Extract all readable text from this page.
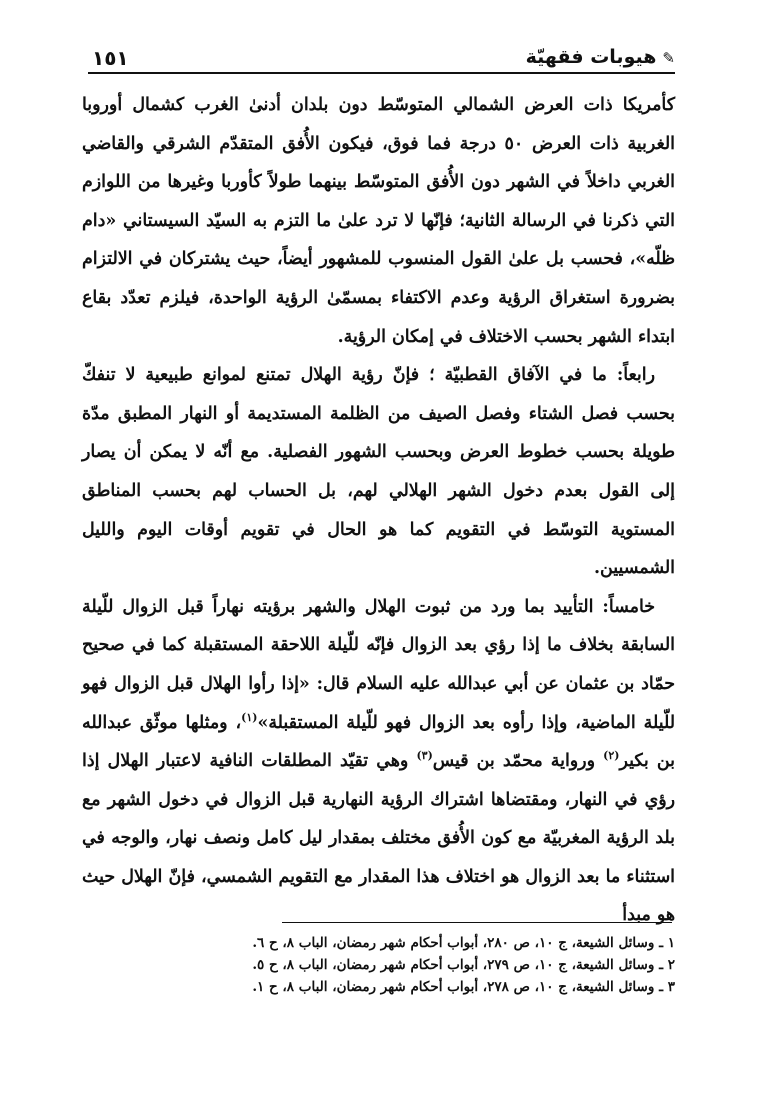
✎هيوبات فقهيّة
١٥١

كأمريكا ذات العرض الشمالي المتوسّط دون بلدان أدنىٰ الغرب كشمال أوروبا الغربية ذات العرض ٥٠ درجة فما فوق، فيكون الأُفق المتقدّم الشرقي والقاضي الغربي داخلاً في الشهر دون الأُفق المتوسّط بينهما طولاً كأوربا وغيرها من اللوازم التي ذكرنا في الرسالة الثانية؛ فإنّها لا ترد علىٰ ما التزم به السيّد السيستاني «دام ظلّه»، فحسب بل علىٰ القول المنسوب للمشهور أيضاً، حيث يشتركان في الالتزام بضرورة استغراق الرؤية وعدم الاكتفاء بمسمّىٰ الرؤية الواحدة، فيلزم تعدّد بقاع ابتداء الشهر بحسب الاختلاف في إمكان الرؤية.

رابعاً: ما في الآفاق القطبيّة ؛ فإنّ رؤية الهلال تمتنع لموانع طبيعية لا تنفكّ بحسب فصل الشتاء وفصل الصيف من الظلمة المستديمة أو النهار المطبق مدّة طويلة بحسب خطوط العرض وبحسب الشهور الفصلية. مع أنّه لا يمكن أن يصار إلى القول بعدم دخول الشهر الهلالي لهم، بل الحساب لهم بحسب المناطق المستوية التوسّط في التقويم كما هو الحال في تقويم أوقات اليوم والليل الشمسيين.

خامساً: التأييد بما ورد من ثبوت الهلال والشهر برؤيته نهاراً قبل الزوال للّيلة السابقة بخلاف ما إذا رؤي بعد الزوال فإنّه للّيلة اللاحقة المستقبلة كما في صحيح حمّاد بن عثمان عن أبي عبدالله عليه السلام قال: «إذا رأوا الهلال قبل الزوال فهو للّيلة الماضية، وإذا رأوه بعد الزوال فهو للّيلة المستقبلة»$^{(١)}$، ومثلها موثّق عبدالله بن بكير$^{(٢)}$ ورواية محمّد بن قيس$^{(٣)}$ وهي تقيّد المطلقات النافية لاعتبار الهلال إذا رؤي في النهار، ومقتضاها اشتراك الرؤية النهارية قبل الزوال في دخول الشهر مع بلد الرؤية المغربيّة مع كون الأُفق مختلف بمقدار ليل كامل ونصف نهار، والوجه في استثناء ما بعد الزوال هو اختلاف هذا المقدار مع التقويم الشمسي، فإنّ الهلال حيث هو مبدأ

١ ـ وسائل الشيعة، ج ١٠، ص ٢٨٠، أبواب أحكام شهر رمضان، الباب ٨، ح ٦.
٢ ـ وسائل الشيعة، ج ١٠، ص ٢٧٩، أبواب أحكام شهر رمضان، الباب ٨، ح ٥.
٣ ـ وسائل الشيعة، ج ١٠، ص ٢٧٨، أبواب أحكام شهر رمضان، الباب ٨، ح ١.
